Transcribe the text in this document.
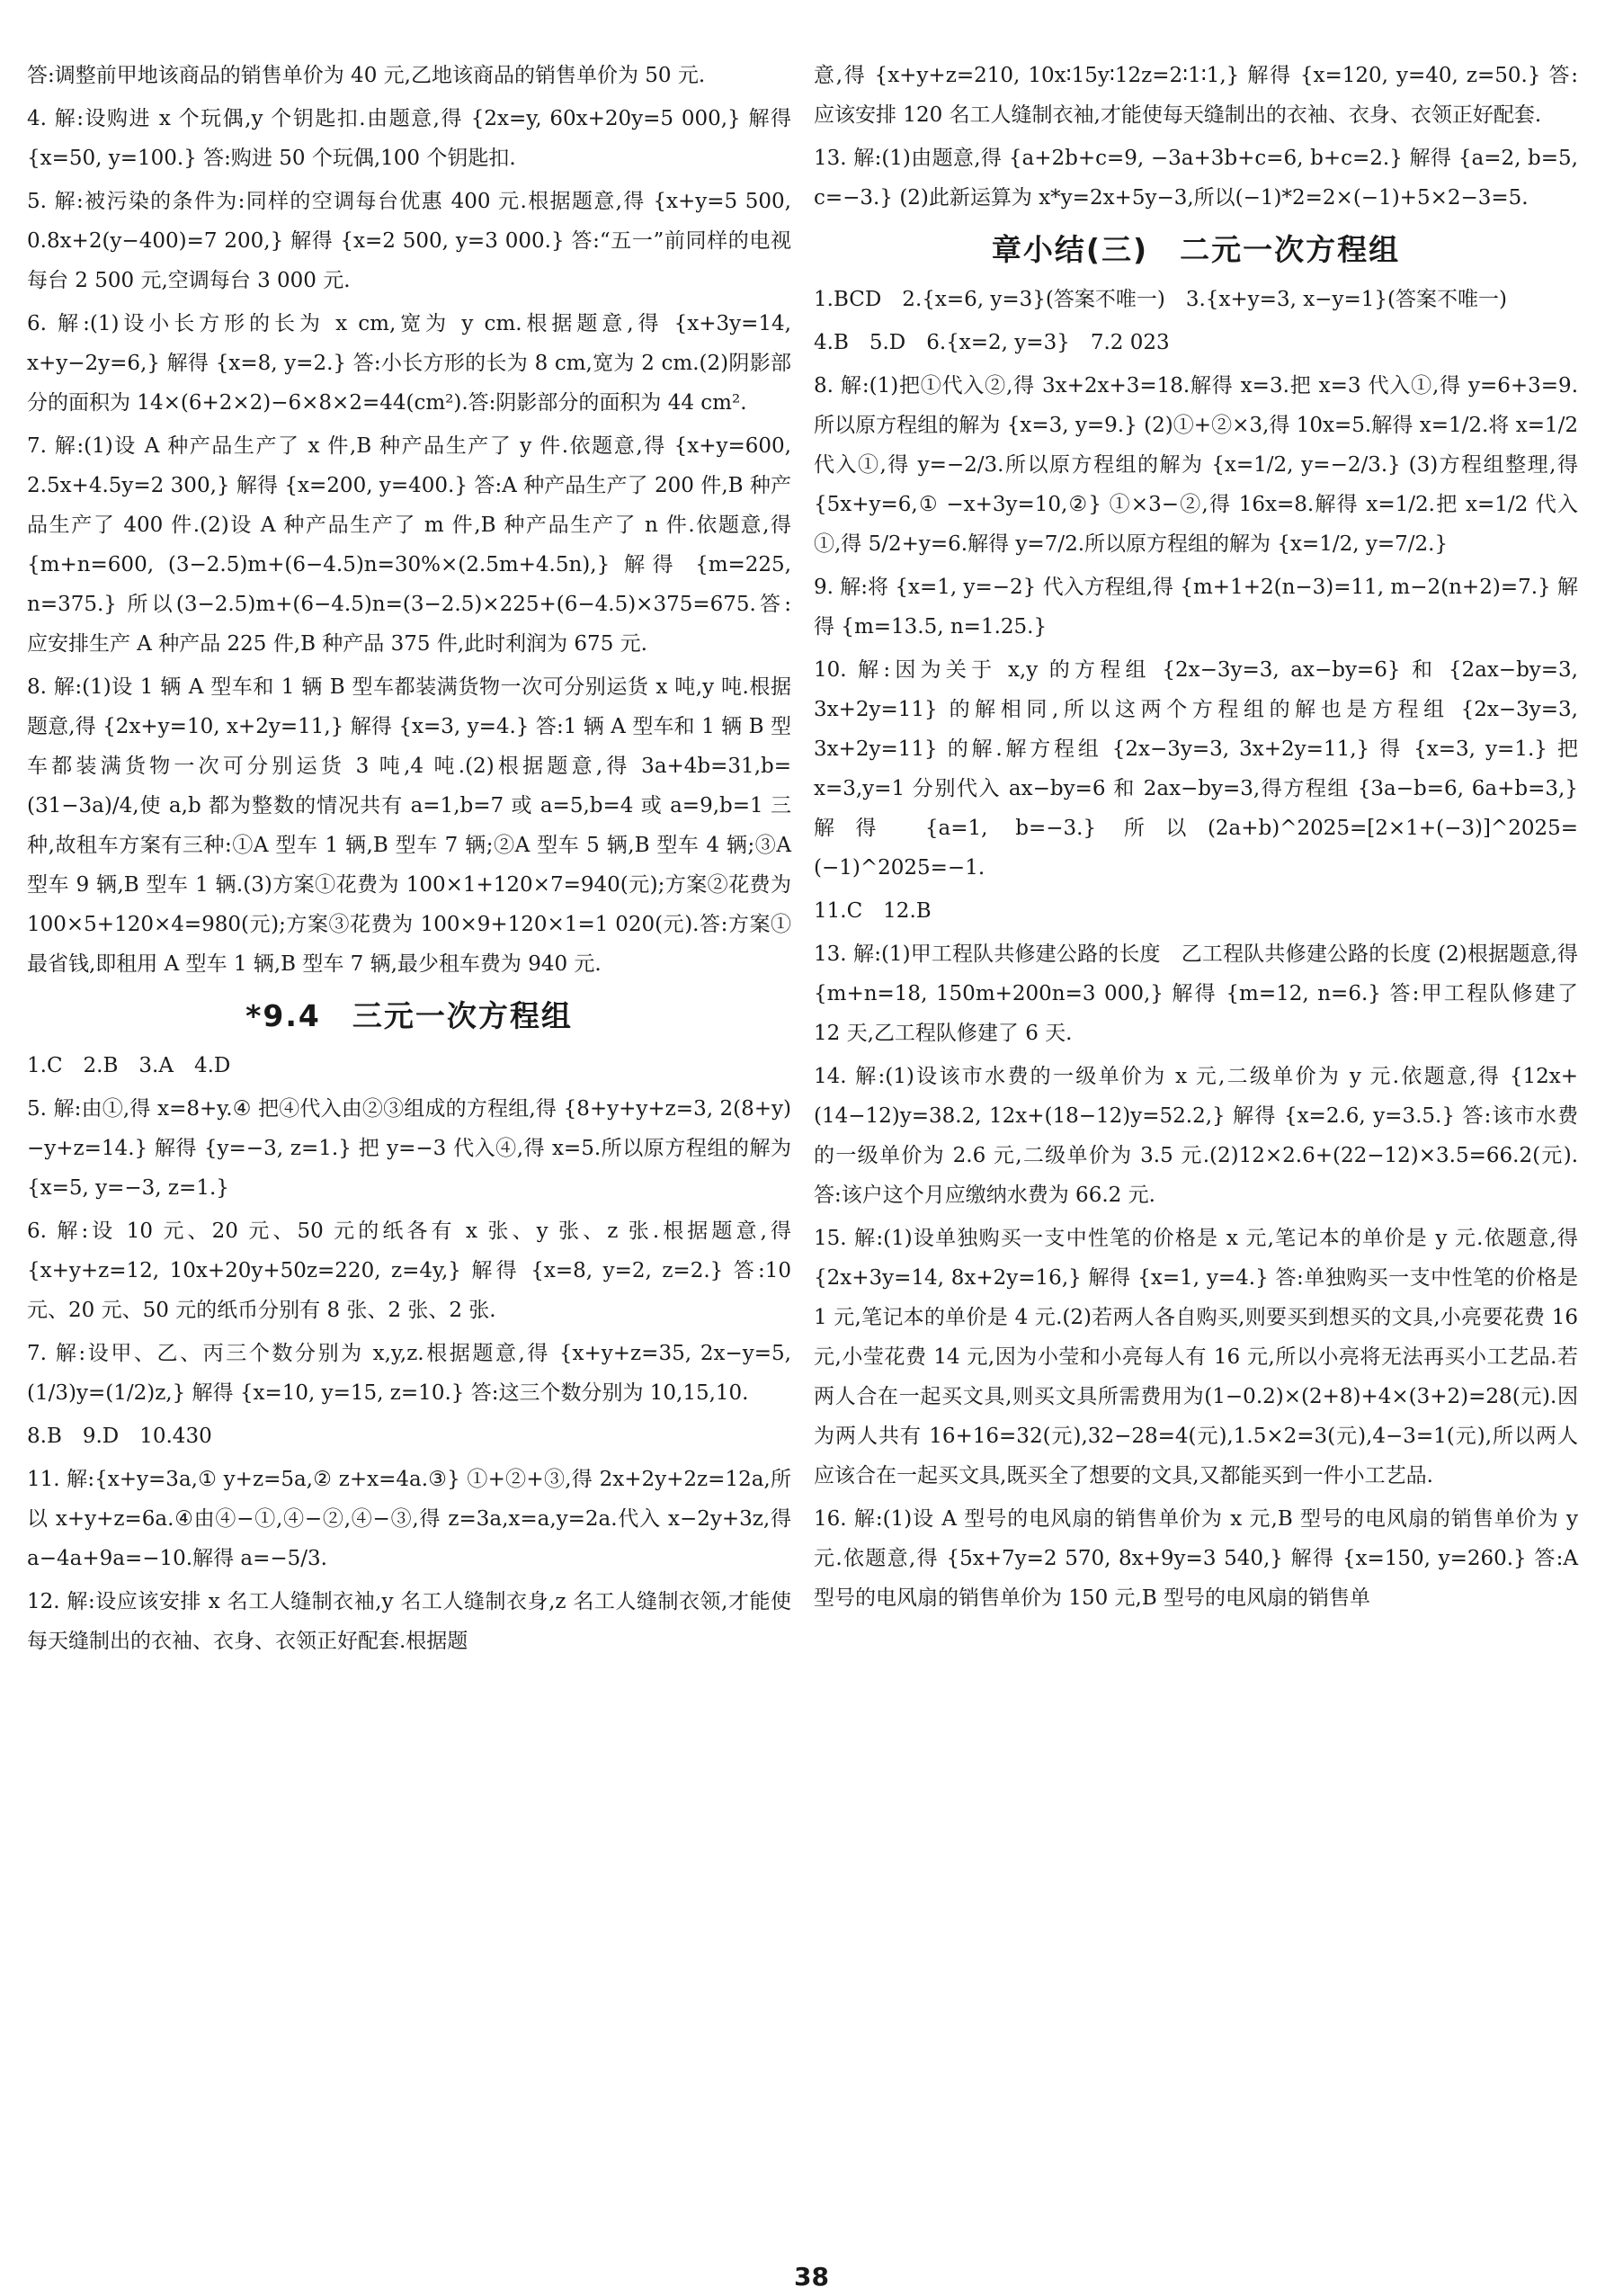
答:调整前甲地该商品的销售单价为 40 元,乙地该商品的销售单价为 50 元.

4. 解:设购进 x 个玩偶,y 个钥匙扣.由题意,得 {2x=y, 60x+20y=5 000,} 解得 {x=50, y=100.} 答:购进 50 个玩偶,100 个钥匙扣.

5. 解:被污染的条件为:同样的空调每台优惠 400 元.根据题意,得 {x+y=5 500, 0.8x+2(y−400)=7 200,} 解得 {x=2 500, y=3 000.} 答:“五一”前同样的电视每台 2 500 元,空调每台 3 000 元.

6. 解:(1)设小长方形的长为 x cm,宽为 y cm.根据题意,得 {x+3y=14, x+y−2y=6,} 解得 {x=8, y=2.} 答:小长方形的长为 8 cm,宽为 2 cm.(2)阴影部分的面积为 14×(6+2×2)−6×8×2=44(cm²).答:阴影部分的面积为 44 cm².

7. 解:(1)设 A 种产品生产了 x 件,B 种产品生产了 y 件.依题意,得 {x+y=600, 2.5x+4.5y=2 300,} 解得 {x=200, y=400.} 答:A 种产品生产了 200 件,B 种产品生产了 400 件.(2)设 A 种产品生产了 m 件,B 种产品生产了 n 件.依题意,得 {m+n=600, (3−2.5)m+(6−4.5)n=30%×(2.5m+4.5n),} 解得 {m=225, n=375.} 所以(3−2.5)m+(6−4.5)n=(3−2.5)×225+(6−4.5)×375=675.答:应安排生产 A 种产品 225 件,B 种产品 375 件,此时利润为 675 元.

8. 解:(1)设 1 辆 A 型车和 1 辆 B 型车都装满货物一次可分别运货 x 吨,y 吨.根据题意,得 {2x+y=10, x+2y=11,} 解得 {x=3, y=4.} 答:1 辆 A 型车和 1 辆 B 型车都装满货物一次可分别运货 3 吨,4 吨.(2)根据题意,得 3a+4b=31,b=(31−3a)/4,使 a,b 都为整数的情况共有 a=1,b=7 或 a=5,b=4 或 a=9,b=1 三种,故租车方案有三种:①A 型车 1 辆,B 型车 7 辆;②A 型车 5 辆,B 型车 4 辆;③A 型车 9 辆,B 型车 1 辆.(3)方案①花费为 100×1+120×7=940(元);方案②花费为 100×5+120×4=980(元);方案③花费为 100×9+120×1=1 020(元).答:方案①最省钱,即租用 A 型车 1 辆,B 型车 7 辆,最少租车费为 940 元.

*9.4　三元一次方程组

1.C　2.B　3.A　4.D

5. 解:由①,得 x=8+y.④ 把④代入由②③组成的方程组,得 {8+y+y+z=3, 2(8+y)−y+z=14.} 解得 {y=−3, z=1.} 把 y=−3 代入④,得 x=5.所以原方程组的解为 {x=5, y=−3, z=1.}

6. 解:设 10 元、20 元、50 元的纸各有 x 张、y 张、z 张.根据题意,得 {x+y+z=12, 10x+20y+50z=220, z=4y,} 解得 {x=8, y=2, z=2.} 答:10 元、20 元、50 元的纸币分别有 8 张、2 张、2 张.

7. 解:设甲、乙、丙三个数分别为 x,y,z.根据题意,得 {x+y+z=35, 2x−y=5, (1/3)y=(1/2)z,} 解得 {x=10, y=15, z=10.} 答:这三个数分别为 10,15,10.

8.B　9.D　10.430

11. 解:{x+y=3a,① y+z=5a,② z+x=4a.③} ①+②+③,得 2x+2y+2z=12a,所以 x+y+z=6a.④由④−①,④−②,④−③,得 z=3a,x=a,y=2a.代入 x−2y+3z,得 a−4a+9a=−10.解得 a=−5/3.

12. 解:设应该安排 x 名工人缝制衣袖,y 名工人缝制衣身,z 名工人缝制衣领,才能使每天缝制出的衣袖、衣身、衣领正好配套.根据题

意,得 {x+y+z=210, 10x∶15y∶12z=2∶1∶1,} 解得 {x=120, y=40, z=50.} 答:应该安排 120 名工人缝制衣袖,才能使每天缝制出的衣袖、衣身、衣领正好配套.

13. 解:(1)由题意,得 {a+2b+c=9, −3a+3b+c=6, b+c=2.} 解得 {a=2, b=5, c=−3.} (2)此新运算为 x*y=2x+5y−3,所以(−1)*2=2×(−1)+5×2−3=5.

章小结(三)　二元一次方程组

1.BCD　2.{x=6, y=3}(答案不唯一)　3.{x+y=3, x−y=1}(答案不唯一)

4.B　5.D　6.{x=2, y=3}　7.2 023

8. 解:(1)把①代入②,得 3x+2x+3=18.解得 x=3.把 x=3 代入①,得 y=6+3=9.所以原方程组的解为 {x=3, y=9.} (2)①+②×3,得 10x=5.解得 x=1/2.将 x=1/2 代入①,得 y=−2/3.所以原方程组的解为 {x=1/2, y=−2/3.} (3)方程组整理,得 {5x+y=6,① −x+3y=10,②} ①×3−②,得 16x=8.解得 x=1/2.把 x=1/2 代入①,得 5/2+y=6.解得 y=7/2.所以原方程组的解为 {x=1/2, y=7/2.}

9. 解:将 {x=1, y=−2} 代入方程组,得 {m+1+2(n−3)=11, m−2(n+2)=7.} 解得 {m=13.5, n=1.25.}

10. 解:因为关于 x,y 的方程组 {2x−3y=3, ax−by=6} 和 {2ax−by=3, 3x+2y=11} 的解相同,所以这两个方程组的解也是方程组 {2x−3y=3, 3x+2y=11} 的解.解方程组 {2x−3y=3, 3x+2y=11,} 得 {x=3, y=1.} 把 x=3,y=1 分别代入 ax−by=6 和 2ax−by=3,得方程组 {3a−b=6, 6a+b=3,} 解得 {a=1, b=−3.} 所以(2a+b)^2025=[2×1+(−3)]^2025=(−1)^2025=−1.

11.C　12.B

13. 解:(1)甲工程队共修建公路的长度　乙工程队共修建公路的长度 (2)根据题意,得 {m+n=18, 150m+200n=3 000,} 解得 {m=12, n=6.} 答:甲工程队修建了 12 天,乙工程队修建了 6 天.

14. 解:(1)设该市水费的一级单价为 x 元,二级单价为 y 元.依题意,得 {12x+(14−12)y=38.2, 12x+(18−12)y=52.2,} 解得 {x=2.6, y=3.5.} 答:该市水费的一级单价为 2.6 元,二级单价为 3.5 元.(2)12×2.6+(22−12)×3.5=66.2(元).答:该户这个月应缴纳水费为 66.2 元.

15. 解:(1)设单独购买一支中性笔的价格是 x 元,笔记本的单价是 y 元.依题意,得 {2x+3y=14, 8x+2y=16,} 解得 {x=1, y=4.} 答:单独购买一支中性笔的价格是 1 元,笔记本的单价是 4 元.(2)若两人各自购买,则要买到想买的文具,小亮要花费 16 元,小莹花费 14 元,因为小莹和小亮每人有 16 元,所以小亮将无法再买小工艺品.若两人合在一起买文具,则买文具所需费用为(1−0.2)×(2+8)+4×(3+2)=28(元).因为两人共有 16+16=32(元),32−28=4(元),1.5×2=3(元),4−3=1(元),所以两人应该合在一起买文具,既买全了想要的文具,又都能买到一件小工艺品.

16. 解:(1)设 A 型号的电风扇的销售单价为 x 元,B 型号的电风扇的销售单价为 y 元.依题意,得 {5x+7y=2 570, 8x+9y=3 540,} 解得 {x=150, y=260.} 答:A 型号的电风扇的销售单价为 150 元,B 型号的电风扇的销售单

38
